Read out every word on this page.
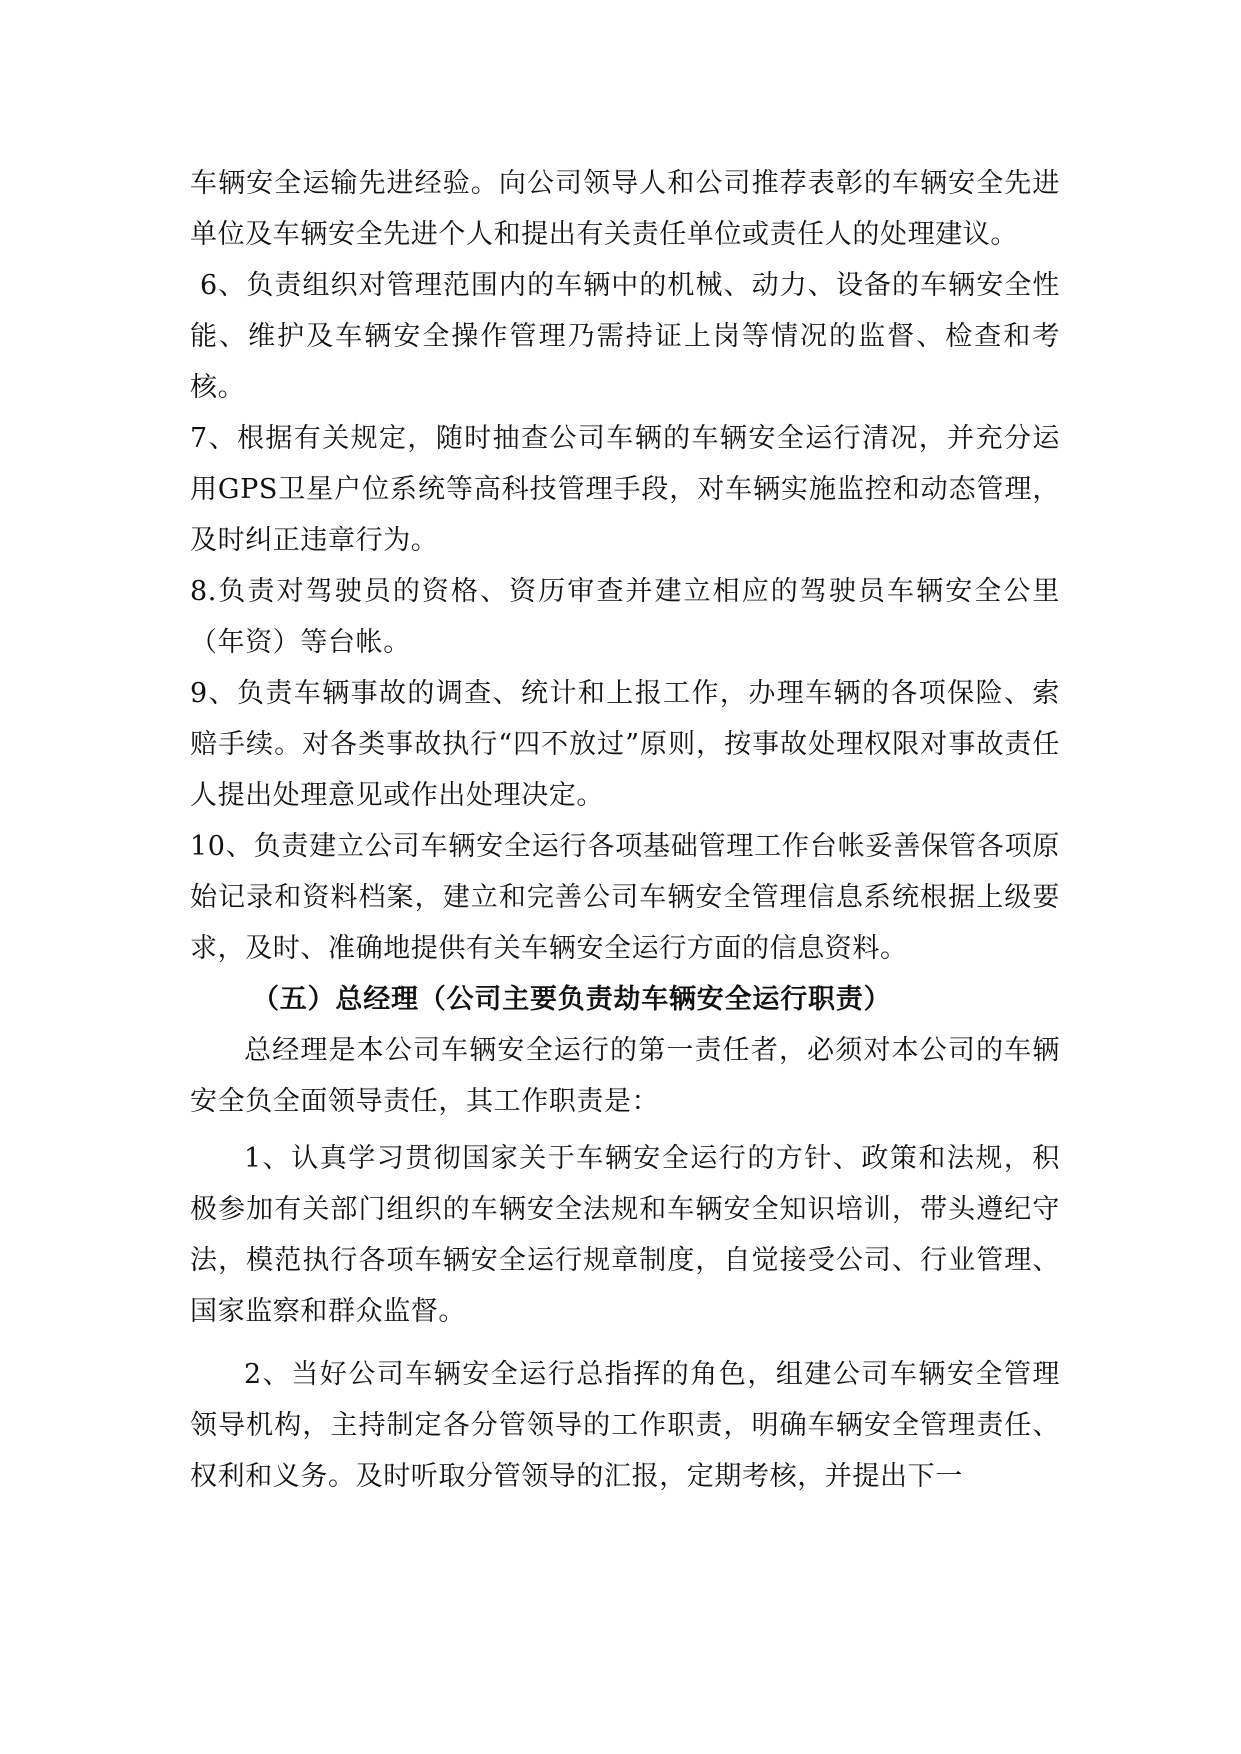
车辆安全运输先进经验。向公司领导人和公司推荐表彰的车辆安全先进单位及车辆安全先进个人和提出有关责任单位或责任人的处理建议。

6、负责组织对管理范围内的车辆中的机械、动力、设备的车辆安全性能、维护及车辆安全操作管理乃需持证上岗等情况的监督、检查和考核。

7、根据有关规定，随时抽查公司车辆的车辆安全运行清况，并充分运用GPS卫星户位系统等高科技管理手段，对车辆实施监控和动态管理，及时纠正违章行为。

8.负责对驾驶员的资格、资历审查并建立相应的驾驶员车辆安全公里（年资）等台帐。

9、负责车辆事故的调查、统计和上报工作，办理车辆的各项保险、索赔手续。对各类事故执行“四不放过”原则，按事故处理权限对事故责任人提出处理意见或作出处理决定。

10、负责建立公司车辆安全运行各项基础管理工作台帐妥善保管各项原始记录和资料档案，建立和完善公司车辆安全管理信息系统根据上级要求，及时、准确地提供有关车辆安全运行方面的信息资料。

（五）总经理（公司主要负责劫车辆安全运行职责）

总经理是本公司车辆安全运行的第一责任者，必须对本公司的车辆安全负全面领导责任，其工作职责是：

1、认真学习贯彻国家关于车辆安全运行的方针、政策和法规，积极参加有关部门组织的车辆安全法规和车辆安全知识培训，带头遵纪守法，模范执行各项车辆安全运行规章制度，自觉接受公司、行业管理、国家监察和群众监督。

2、当好公司车辆安全运行总指挥的角色，组建公司车辆安全管理领导机构，主持制定各分管领导的工作职责，明确车辆安全管理责任、权利和义务。及时听取分管领导的汇报，定期考核，并提出下一
